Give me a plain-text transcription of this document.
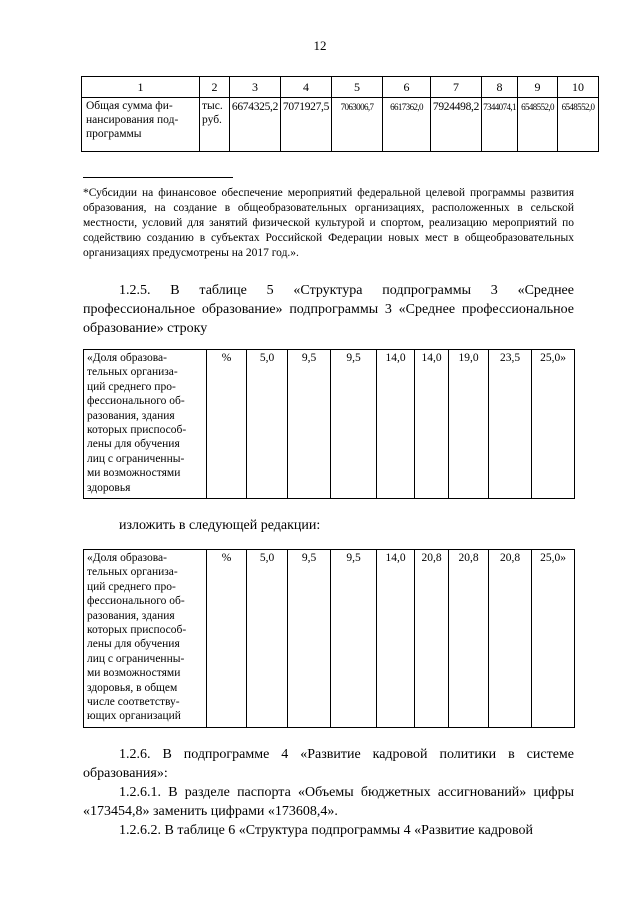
12
1	2	3	4	5	6	7	8	9	10

Общая сумма фи-
нансирования под-
программы	тыс. руб.	6674325,2	7071927,5	7063006,7	6617362,0	7924498,2	7344074,1	6548552,0	6548552,0
*Субсидии на финансовое обеспечение мероприятий федеральной целевой программы развития образования, на создание в общеобразовательных организациях, расположенных в сельской местности, условий для занятий физической культурой и спортом, реализацию мероприятий по содействию созданию в субъектах Российской Федерации новых мест в общеобразовательных организациях предусмотрены на 2017 год.».
1.2.5. В таблице 5 «Структура подпрограммы 3 «Среднее профессиональное образование» подпрограммы 3 «Среднее профессиональное образование» строку
«Доля образова-
тельных организа-
ций среднего про-
фессионального об-
разования, здания
которых приспособ-
лены для обучения
лиц с ограниченны-
ми возможностями
здоровья
	%	5,0	9,5	9,5	14,0	14,0	19,0	23,5	25,0»
изложить в следующей редакции:
«Доля образова-
тельных организа-
ций среднего про-
фессионального об-
разования, здания
которых приспособ-
лены для обучения
лиц с ограниченны-
ми возможностями
здоровья, в общем
числе соответству-
ющих организаций
	%	5,0	9,5	9,5	14,0	20,8	20,8	20,8	25,0»
1.2.6. В подпрограмме 4 «Развитие кадровой политики в системе образования»:
1.2.6.1. В разделе паспорта «Объемы бюджетных ассигнований» цифры «173454,8» заменить цифрами «173608,4».
1.2.6.2. В таблице 6 «Структура подпрограммы 4 «Развитие кадровой
